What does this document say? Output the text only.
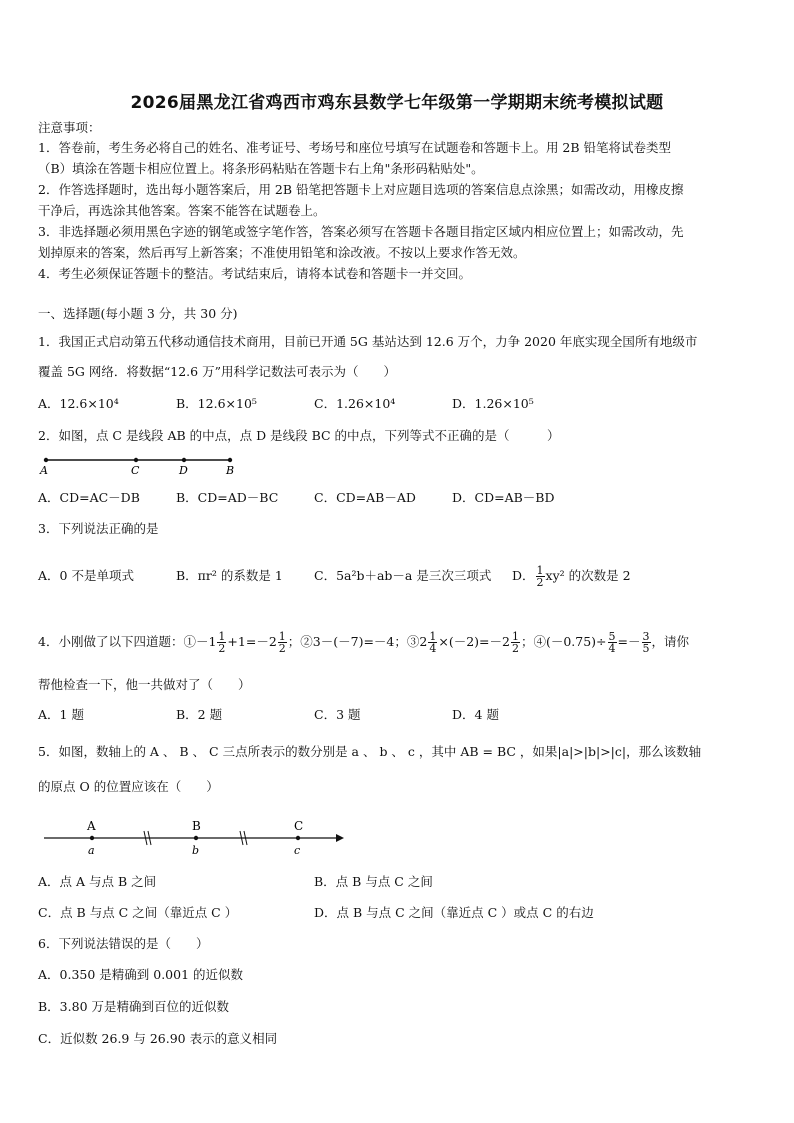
2026届黑龙江省鸡西市鸡东县数学七年级第一学期期末统考模拟试题
注意事项：
1．答卷前，考生务必将自己的姓名、准考证号、考场号和座位号填写在试题卷和答题卡上。用 2B 铅笔将试卷类型
（B）填涂在答题卡相应位置上。将条形码粘贴在答题卡右上角"条形码粘贴处"。
2．作答选择题时，选出每小题答案后，用 2B 铅笔把答题卡上对应题目选项的答案信息点涂黑；如需改动，用橡皮擦
干净后，再选涂其他答案。答案不能答在试题卷上。
3．非选择题必须用黑色字迹的钢笔或签字笔作答，答案必须写在答题卡各题目指定区域内相应位置上；如需改动，先
划掉原来的答案，然后再写上新答案；不准使用铅笔和涂改液。不按以上要求作答无效。
4．考生必须保证答题卡的整洁。考试结束后，请将本试卷和答题卡一并交回。
一、选择题(每小题 3 分，共 30 分)
1．我国正式启动第五代移动通信技术商用，目前已开通 5G 基站达到 12.6 万个，力争 2020 年底实现全国所有地级市
覆盖 5G 网络．将数据“12.6 万”用科学记数法可表示为（　　）
A．12.6×10⁴	B．12.6×10⁵	C．1.26×10⁴	D．1.26×10⁵
2．如图，点 C 是线段 AB 的中点，点 D 是线段 BC 的中点，下列等式不正确的是（　　　）
A	C	D	B
A．CD=AC－DB	B．CD=AD－BC	C．CD=AB－AD	D．CD=AB－BD
3．下列说法正确的是
A．0 不是单项式	B．πr² 的系数是 1 C．5a²b＋ab－a 是三次三项式 D． $\frac{1}{2} xy^2$ 的次数是 2
4．小刚做了以下四道题：①－1 $\frac{1}{2} +1=-2 \frac{1}{2}$ ；②3－(－7)=－4；③2 $\frac{1}{4} \times(-2)=-2 \frac{1}{2}$ ；④(－0.75)÷ $\frac{5}{4} =- \frac{3}{5}$ ，请你
帮他检查一下，他一共做对了（　　）
A．1 题	B．2 题	C．3 题	D．4 题
5．如图，数轴上的 A 、 B 、 C 三点所表示的数分别是 a 、 b 、 c ，其中 AB = BC ，如果|a|>|b|>|c|，那么该数轴
的原点 O 的位置应该在（　　）
A	B	C
a	b	c
A．点 A 与点 B 之间	B．点 B 与点 C 之间
C．点 B 与点 C 之间（靠近点 C ）	D．点 B 与点 C 之间（靠近点 C ）或点 C 的右边
6．下列说法错误的是（　　）
A．0.350 是精确到 0.001 的近似数
B．3.80 万是精确到百位的近似数
C．近似数 26.9 与 26.90 表示的意义相同
